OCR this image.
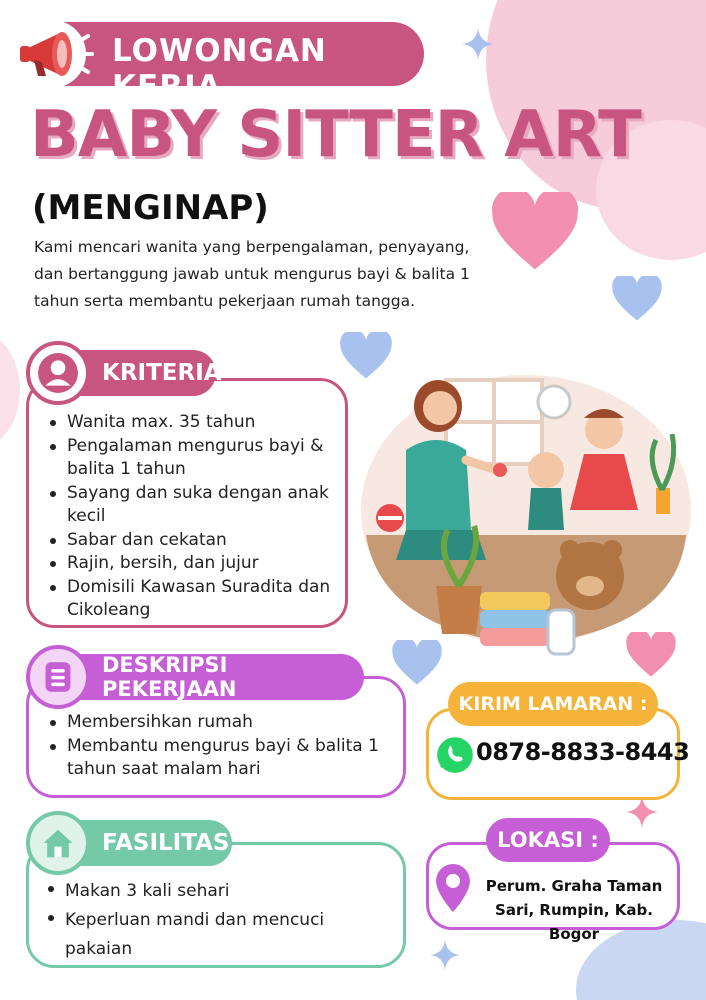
LOWONGAN KERJA
BABY SITTER ART
(MENGINAP)
Kami mencari wanita yang berpengalaman, penyayang, dan bertanggung jawab untuk mengurus bayi & balita 1 tahun serta membantu pekerjaan rumah tangga.
Wanita max. 35 tahun
Pengalaman mengurus bayi & balita 1 tahun
Sayang dan suka dengan anak kecil
Sabar dan cekatan
Rajin, bersih, dan jujur
Domisili Kawasan Suradita dan Cikoleang
KRITERIA
Membersihkan rumah
Membantu mengurus bayi & balita 1 tahun saat malam hari
DESKRIPSI PEKERJAAN
Makan 3 kali sehari
Keperluan mandi dan mencuci pakaian
FASILITAS
KIRIM LAMARAN :
0878-8833-8443
LOKASI :
Perum. Graha Taman Sari, Rumpin, Kab. Bogor
